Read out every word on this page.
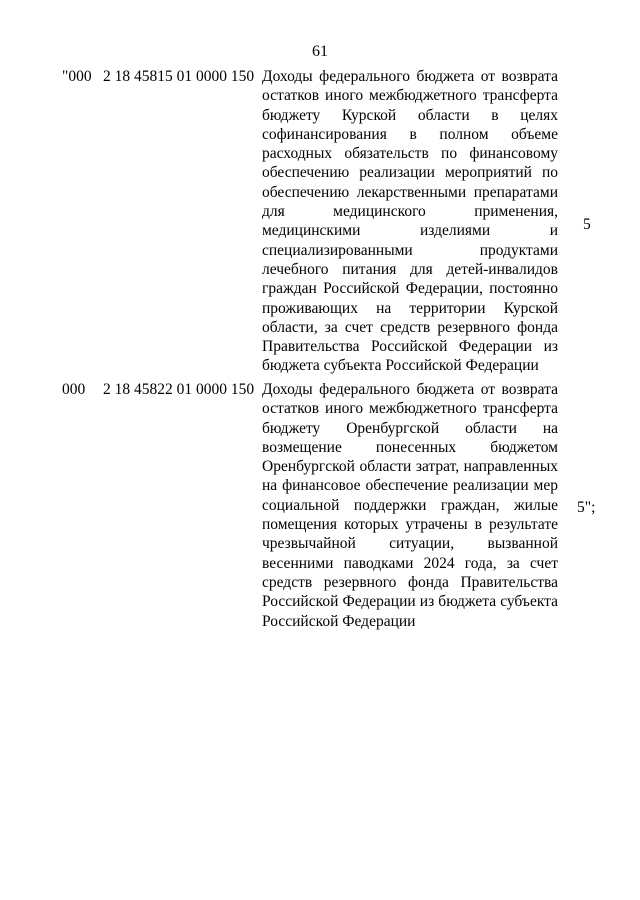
61
"000 2 18 45815 01 0000 150 Доходы федерального бюджета от возврата
остатков иного межбюджетного трансферта
бюджету Курской области в целях
софинансирования в полном объеме
расходных обязательств по финансовому
обеспечению реализации мероприятий по
обеспечению лекарственными препаратами
для медицинского применения,
медицинскими изделиями и
специализированными продуктами
лечебного питания для детей-инвалидов
граждан Российской Федерации, постоянно
проживающих на территории Курской
области, за счет средств резервного фонда
Правительства Российской Федерации из
бюджета субъекта Российской Федерации
5
000 2 18 45822 01 0000 150 Доходы федерального бюджета от возврата
остатков иного межбюджетного трансферта
бюджету Оренбургской области на
возмещение понесенных бюджетом
Оренбургской области затрат, направленных
на финансовое обеспечение реализации мер
социальной поддержки граждан, жилые
помещения которых утрачены в результате
чрезвычайной ситуации, вызванной
весенними паводками 2024 года, за счет
средств резервного фонда Правительства
Российской Федерации из бюджета субъекта
Российской Федерации
5";
